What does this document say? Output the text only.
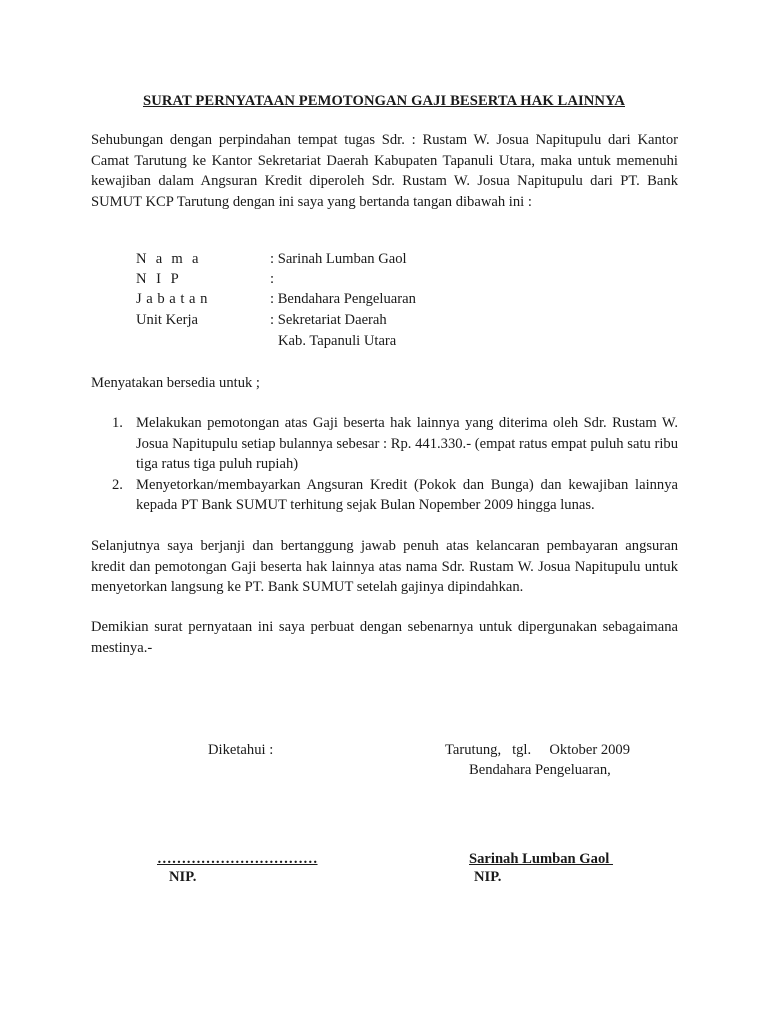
SURAT PERNYATAAN PEMOTONGAN GAJI BESERTA HAK LAINNYA

Sehubungan dengan perpindahan tempat tugas Sdr. : Rustam W. Josua Napitupulu dari Kantor Camat Tarutung ke Kantor Sekretariat Daerah Kabupaten Tapanuli Utara, maka untuk memenuhi kewajiban dalam Angsuran Kredit diperoleh Sdr. Rustam W. Josua Napitupulu dari PT. Bank SUMUT KCP Tarutung dengan ini saya yang bertanda tangan dibawah ini :

Nama	: Sarinah Lumban Gaol
NIP	:
Jabatan	: Bendahara Pengeluaran
Unit Kerja	: Sekretariat Daerah
Kab. Tapanuli Utara

Menyatakan bersedia untuk ;

1. Melakukan pemotongan atas Gaji beserta hak lainnya yang diterima oleh Sdr. Rustam W. Josua Napitupulu setiap bulannya sebesar : Rp. 441.330.- (empat ratus empat puluh satu ribu tiga ratus tiga puluh rupiah)
2. Menyetorkan/membayarkan Angsuran Kredit (Pokok dan Bunga) dan kewajiban lainnya kepada PT Bank SUMUT terhitung sejak Bulan Nopember 2009 hingga lunas.

Selanjutnya saya berjanji dan bertanggung jawab penuh atas kelancaran pembayaran angsuran kredit dan pemotongan Gaji beserta hak lainnya atas nama Sdr. Rustam W. Josua Napitupulu untuk menyetorkan langsung ke PT. Bank SUMUT setelah gajinya dipindahkan.

Demikian surat pernyataan ini saya perbuat dengan sebenarnya untuk dipergunakan sebagaimana mestinya.-

Diketahui :	Tarutung,   tgl.     Oktober 2009
Bendahara Pengeluaran,
……………………………
NIP.
Sarinah Lumban Gaol
NIP.
